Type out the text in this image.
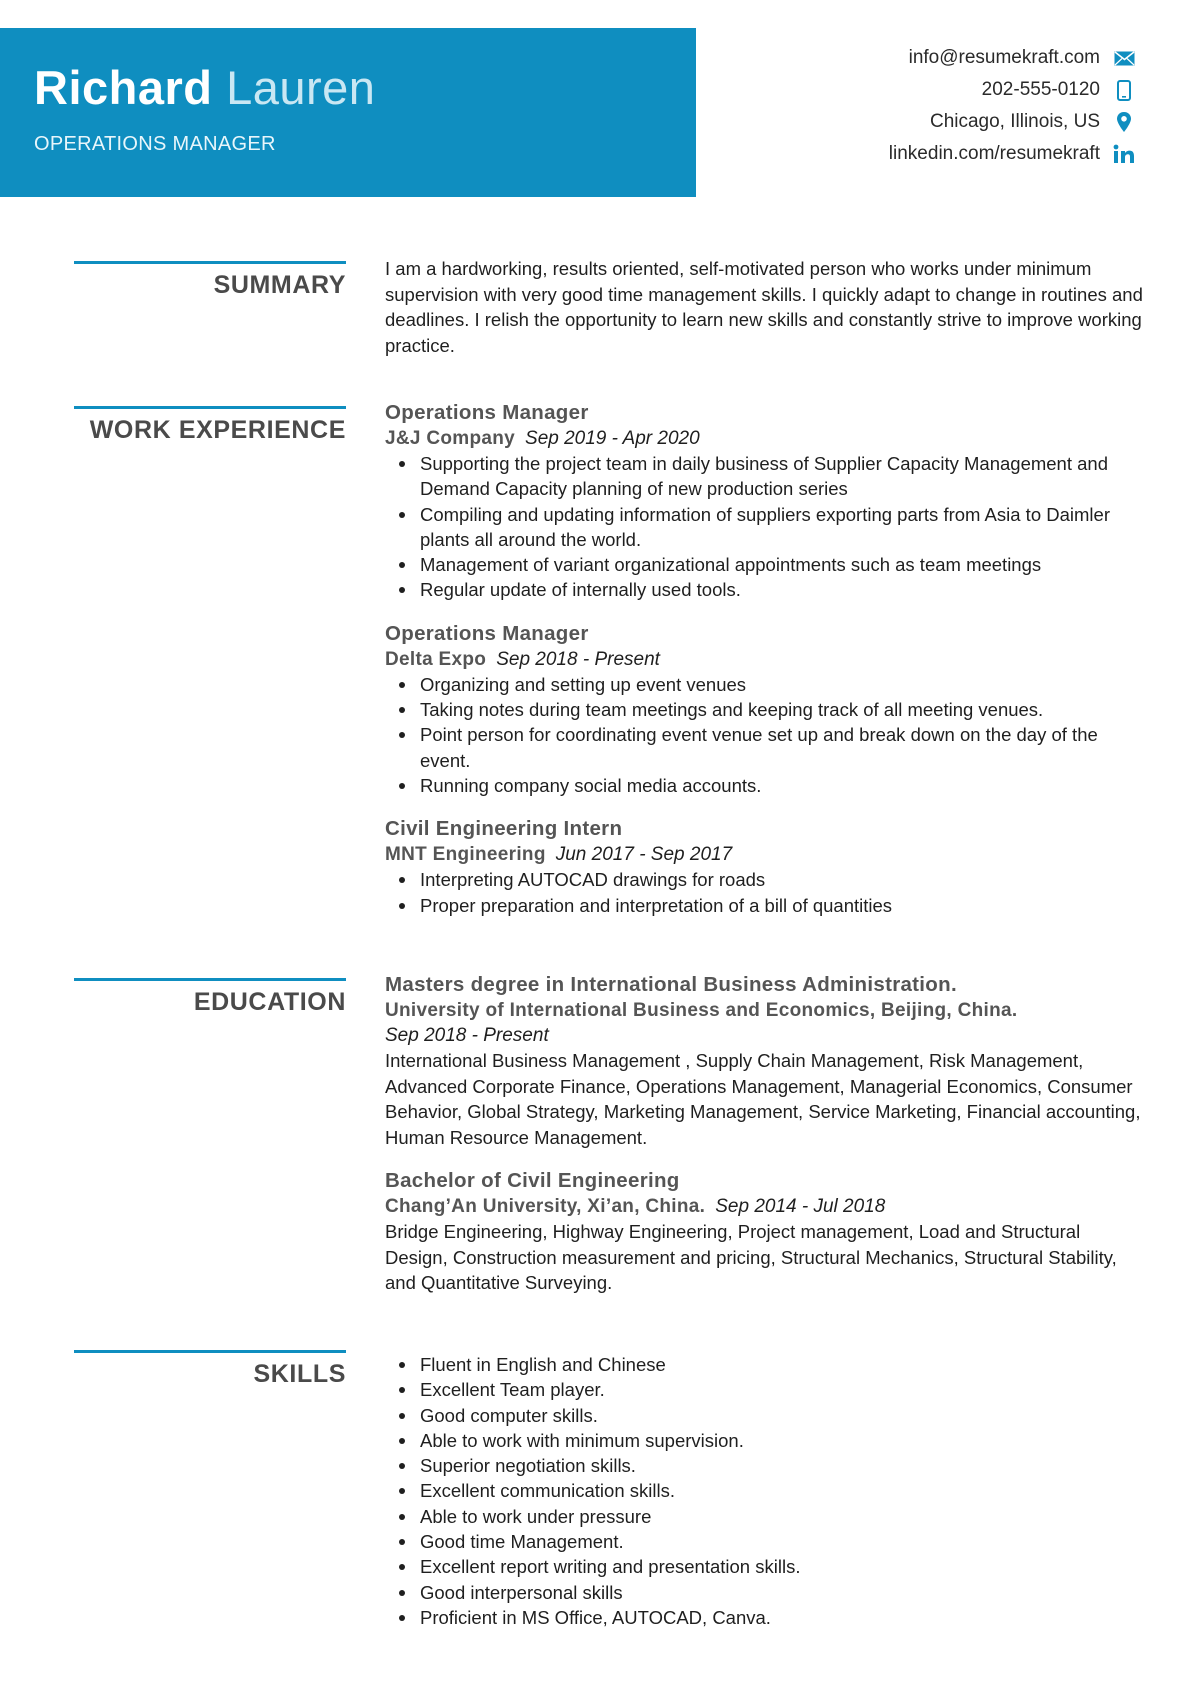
Richard Lauren
OPERATIONS MANAGER
info@resumekraft.com
202-555-0120
Chicago, Illinois, US
linkedin.com/resumekraft
SUMMARY

I am a hardworking, results oriented, self-motivated person who works under minimum supervision with very good time management skills. I quickly adapt to change in routines and deadlines. I relish the opportunity to learn new skills and constantly strive to improve working practice.

WORK EXPERIENCE
Operations Manager
J&J Company Sep 2019 - Apr 2020
Supporting the project team in daily business of Supplier Capacity Management and Demand Capacity planning of new production series
Compiling and updating information of suppliers exporting parts from Asia to Daimler plants all around the world.
Management of variant organizational appointments such as team meetings
Regular update of internally used tools.
Operations Manager
Delta Expo Sep 2018 - Present
Organizing and setting up event venues
Taking notes during team meetings and keeping track of all meeting venues.
Point person for coordinating event venue set up and break down on the day of the event.
Running company social media accounts.
Civil Engineering Intern
MNT Engineering Jun 2017 - Sep 2017
Interpreting AUTOCAD drawings for roads
Proper preparation and interpretation of a bill of quantities
EDUCATION
Masters degree in International Business Administration.
University of International Business and Economics, Beijing, China.
Sep 2018 - Present

International Business Management , Supply Chain Management, Risk Management, Advanced Corporate Finance, Operations Management, Managerial Economics, Consumer Behavior, Global Strategy, Marketing Management, Service Marketing, Financial accounting, Human Resource Management.

Bachelor of Civil Engineering
Chang’An University, Xi’an, China. Sep 2014 - Jul 2018

Bridge Engineering, Highway Engineering, Project management, Load and Structural Design, Construction measurement and pricing, Structural Mechanics, Structural Stability, and Quantitative Surveying.

SKILLS	Fluent in English and Chinese
Excellent Team player.
Good computer skills.
Able to work with minimum supervision.
Superior negotiation skills.
Excellent communication skills.
Able to work under pressure
Good time Management.
Excellent report writing and presentation skills.
Good interpersonal skills
Proficient in MS Office, AUTOCAD, Canva.
